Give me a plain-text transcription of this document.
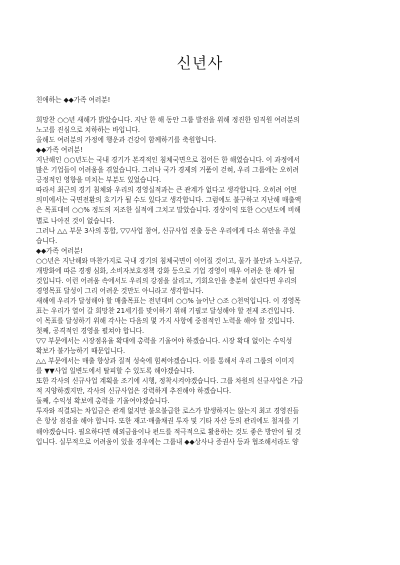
신년사

친애하는 ◆◆가족 여러분!

희망찬 ○○년 새해가 밝았습니다. 지난 한 해 동안 그룹 발전을 위해 정진한 임직원 여러분의

노고를 진심으로 치하하는 바입니다.

올해도 여러분의 가정에 행운과 건강이 함께하기를 축원합니다.

◆◆가족 여러분!

지난해인 ○○년도는 국내 경기가 본격적인 침체국면으로 접어든 한 해였습니다. 이 과정에서

많은 기업들이 어려움을 겪었습니다. 그러나 국가 경제의 거품이 걷혀, 우리 그룹에는 오히려

긍정적인 영향을 미치는 부분도 있었습니다.

따라서 최근의 경기 침체와 우리의 경영실적과는 큰 관계가 없다고 생각합니다. 오히려 어떤

의미에서는 국면전환의 호기가 될 수도 있다고 생각합니다. 그럼에도 불구하고 지난해 매출액

은 목표대비 ○○% 정도의 저조한 실적에 그치고 말았습니다. 경상이익 또한 ○○년도에 비해

별로 나아진 것이 없습니다.

그러나 △△ 부문 3사의 통합, ▽▽사업 참여, 신규사업 진출 등은 우리에게 다소 위안을 주었

습니다.

◆◆가족 여러분!

○○년은 지난해와 마찬가지로 국내 경기의 침체국면이 이어질 것이고, 물가 불안과 노사분규,

개방화에 따른 경쟁 심화, 소비자보호정책 강화 등으로 기업 경영이 매우 어려운 한 해가 될

것입니다. 이런 어려움 속에서도 우리의 강점을 살리고, 기회요인을 충분히 살린다면 우리의

경영목표 달성이 그리 어려운 것만도 아니라고 생각합니다.

새해에 우리가 달성해야 할 매출목표는 전년대비 ○○% 늘어난 ○조 ○천억입니다. 이 경영목

표는 우리가 열어 갈 희망찬 21세기를 맞이하기 위해 기필코 달성해야 할 전제 조건입니다.

이 목표를 달성하기 위해 각사는 다음의 몇 가지 사항에 중점적인 노력을 해야 할 것입니다.

첫째, 공격적인 경영을 펼쳐야 합니다.

▽▽ 부문에서는 시장점유율 확대에 총력을 기울여야 하겠습니다. 시장 확대 없이는 수익성

확보가 불가능하기 때문입니다.

△△ 부문에서는 매출 향상과 질적 성숙에 힘써야겠습니다. 이를 통해서 우리 그룹의 이미지

를 ▼▼사업 일변도에서 탈피할 수 있도록 해야겠습니다.

또한 각사의 신규사업 계획을 조기에 시행, 정착시켜야겠습니다. 그룹 차원의 신규사업은 가급

적 지양하겠지만, 각사의 신규사업은 강력하게 추진해야 하겠습니다.

둘째, 수익성 확보에 총력을 기울여야겠습니다.

투자와 직결되는 차입금은 관계 없지만 불요불급한 로스가 발생하지는 않는지 최고 경영진들

은 항상 점검을 해야 합니다. 또한 재고·매출채권 투자 및 기타 자산 등의 관리에도 철저를 기

해야겠습니다. 필요하다면 해외금융이나 펀드를 적극적으로 활용하는 것도 좋은 방안이 될 것

입니다. 실무적으로 어려움이 있을 경우에는 그룹내 ◆◆상사나 증권사 등과 협조해서라도 양
